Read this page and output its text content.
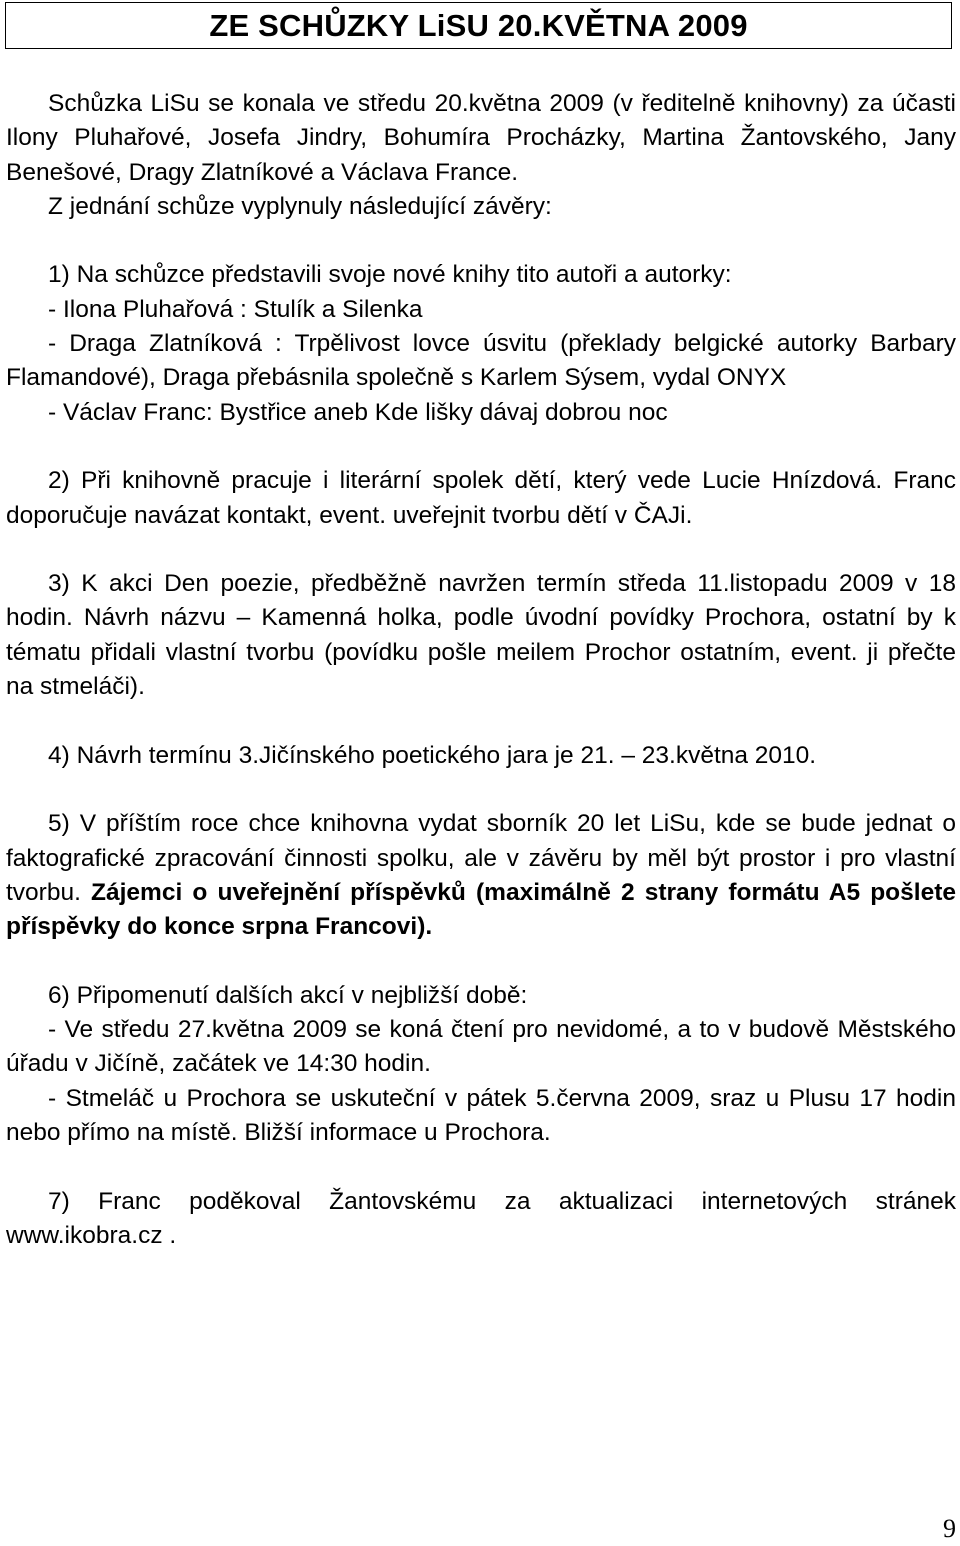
ZE SCHŮZKY LiSU 20.KVĚTNA 2009

Schůzka LiSu se konala ve středu 20.května 2009 (v ředitelně knihovny) za účasti Ilony Pluhařové, Josefa Jindry, Bohumíra Procházky, Martina Žantovského, Jany Benešové, Dragy Zlatníkové a Václava France.

Z jednání schůze vyplynuly následující závěry:

1) Na schůzce představili svoje nové knihy tito autoři a autorky:

- Ilona Pluhařová : Stulík a Silenka

- Draga Zlatníková : Trpělivost lovce úsvitu (překlady belgické autorky Barbary Flamandové), Draga přebásnila společně s Karlem Sýsem, vydal ONYX

- Václav Franc: Bystřice aneb Kde lišky dávaj dobrou noc

2) Při knihovně pracuje i literární spolek dětí, který vede Lucie Hnízdová. Franc doporučuje navázat kontakt, event. uveřejnit tvorbu dětí v ČAJi.

3) K akci Den poezie, předběžně navržen termín středa 11.listopadu 2009 v 18 hodin. Návrh názvu – Kamenná holka, podle úvodní povídky Prochora, ostatní by k tématu přidali vlastní tvorbu (povídku pošle meilem Prochor ostatním, event. ji přečte na stmeláči).

4) Návrh termínu 3.Jičínského poetického jara je 21. – 23.května 2010.

5) V příštím roce chce knihovna vydat sborník 20 let LiSu, kde se bude jednat o faktografické zpracování činnosti spolku, ale v závěru by měl být prostor i pro vlastní tvorbu. Zájemci o uveřejnění příspěvků (maximálně 2 strany formátu A5 pošlete příspěvky do konce srpna Francovi).

6) Připomenutí dalších akcí v nejbližší době:

- Ve středu 27.května 2009 se koná čtení pro nevidomé, a to v budově Městského úřadu v Jičíně, začátek ve 14:30 hodin.

- Stmeláč u Prochora se uskuteční v pátek 5.června 2009, sraz u Plusu 17 hodin nebo přímo na místě. Bližší informace u Prochora.

7) Franc poděkoval Žantovskému za aktualizaci internetových stránek www.ikobra.cz .

9
